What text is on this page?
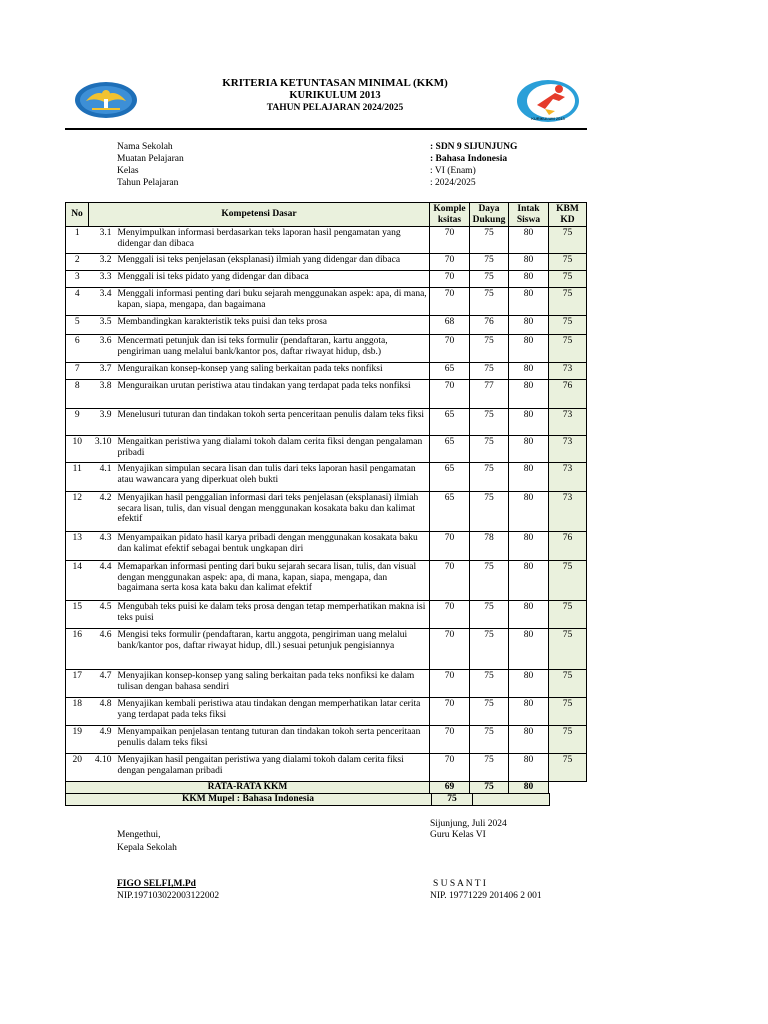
KURIKULUM 2013
KRITERIA KETUNTASAN MINIMAL (KKM)
KURIKULUM 2013
TAHUN PELAJARAN 2024/2025
Nama Sekolah	: SDN 9 SIJUNJUNG
Muatan Pelajaran	: Bahasa Indonesia
Kelas	: VI (Enam)
Tahun Pelajaran	: 2024/2025
No	Kompetensi Dasar		Komple ksitas	Daya Dukung	Intak Siswa	KBM KD
1	3.1	Menyimpulkan informasi berdasarkan teks laporan hasil pengamatan yang didengar dan dibaca	70	75	80	75
2	3.2	Menggali isi teks penjelasan (eksplanasi) ilmiah yang didengar dan dibaca	70	75	80	75
3	3.3	Menggali isi teks pidato yang didengar dan dibaca	70	75	80	75
4	3.4	Menggali informasi penting dari buku sejarah menggunakan aspek: apa, di mana, kapan, siapa, mengapa, dan bagaimana	70	75	80	75
5	3.5	Membandingkan karakteristik teks puisi dan teks prosa	68	76	80	75
6	3.6	Mencermati petunjuk dan isi teks formulir (pendaftaran, kartu anggota, pengiriman uang melalui bank/kantor pos, daftar riwayat hidup, dsb.)	70	75	80	75
7	3.7	Menguraikan konsep-konsep yang saling berkaitan pada teks nonfiksi	65	75	80	73
8	3.8	Menguraikan urutan peristiwa atau tindakan yang terdapat pada teks nonfiksi	70	77	80	76
9	3.9	Menelusuri tuturan dan tindakan tokoh serta penceritaan penulis dalam teks fiksi	65	75	80	73
10	3.10	Mengaitkan peristiwa yang dialami tokoh dalam cerita fiksi dengan pengalaman pribadi	65	75	80	73
11	4.1	Menyajikan simpulan secara lisan dan tulis dari teks laporan hasil pengamatan atau wawancara yang diperkuat oleh bukti	65	75	80	73
12	4.2	Menyajikan hasil penggalian informasi dari teks penjelasan (eksplanasi) ilmiah secara lisan, tulis, dan visual dengan menggunakan kosakata baku dan kalimat efektif	65	75	80	73
13	4.3	Menyampaikan pidato hasil karya pribadi dengan menggunakan kosakata baku dan kalimat efektif sebagai bentuk ungkapan diri	70	78	80	76
14	4.4	Memaparkan informasi penting dari buku sejarah secara lisan, tulis, dan visual dengan menggunakan aspek: apa, di mana, kapan, siapa, mengapa, dan bagaimana serta kosa kata baku dan kalimat efektif	70	75	80	75
15	4.5	Mengubah teks puisi ke dalam teks prosa dengan tetap memperhatikan makna isi teks puisi	70	75	80	75
16	4.6	Mengisi teks formulir (pendaftaran, kartu anggota, pengiriman uang melalui bank/kantor pos, daftar riwayat hidup, dll.) sesuai petunjuk pengisiannya	70	75	80	75
17	4.7	Menyajikan konsep-konsep yang saling berkaitan pada teks nonfiksi ke dalam tulisan dengan bahasa sendiri	70	75	80	75
18	4.8	Menyajikan kembali peristiwa atau tindakan dengan memperhatikan latar cerita yang terdapat pada teks fiksi	70	75	80	75
19	4.9	Menyampaikan penjelasan tentang tuturan dan tindakan tokoh serta penceritaan penulis dalam teks fiksi	70	75	80	75
20	4.10	Menyajikan hasil pengaitan peristiwa yang dialami tokoh dalam cerita fiksi dengan pengalaman pribadi	70	75	80	75
RATA-RATA KKM			69	75	80	
KKM Mupel : Bahasa Indonesia	75
Sijunjung, Juli 2024
Mengethui,	Guru Kelas VI
Kepala Sekolah
FIGO SELFI,M.Pd	S U S A N T I
NIP.197103022003122002	NIP. 19771229 201406 2 001
